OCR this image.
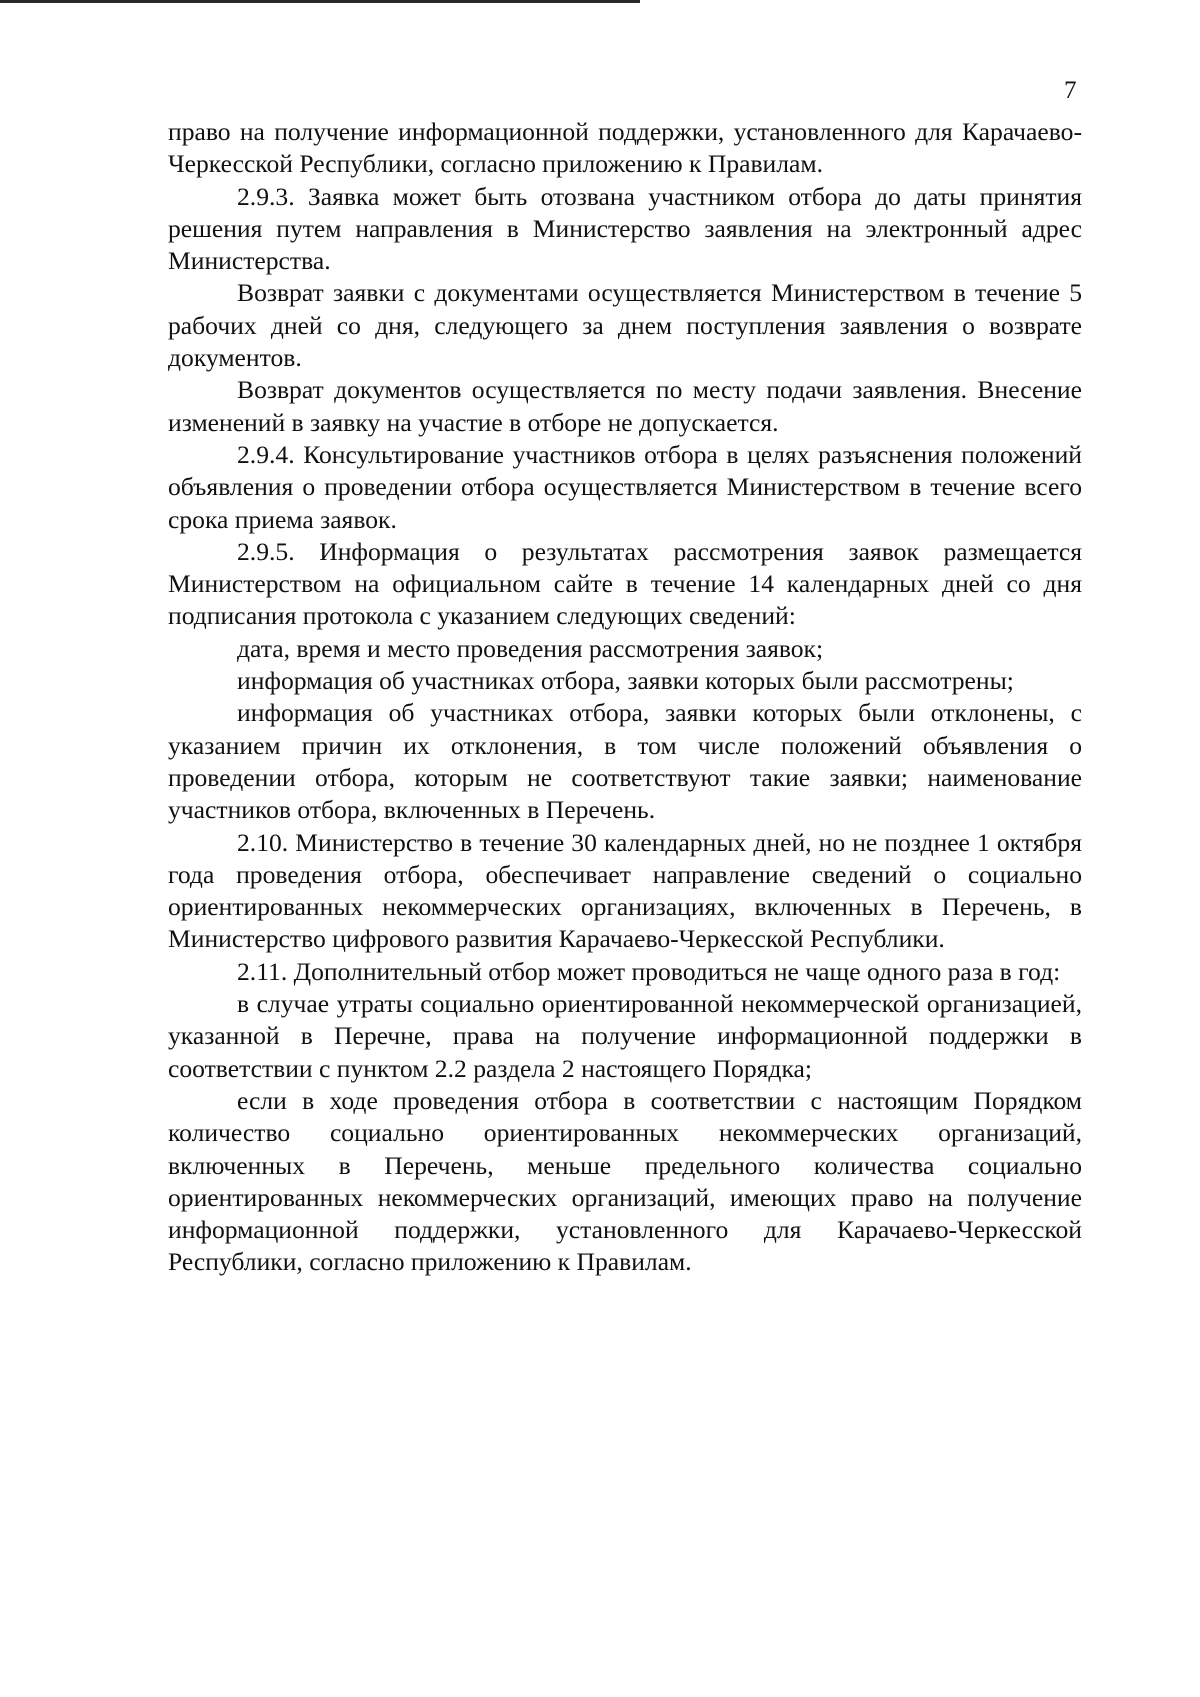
7

право на получение информационной поддержки, установленного для Карачаево-Черкесской Республики, согласно приложению к Правилам.

2.9.3. Заявка может быть отозвана участником отбора до даты принятия решения путем направления в Министерство заявления на электронный адрес Министерства.

Возврат заявки с документами осуществляется Министерством в течение 5 рабочих дней со дня, следующего за днем поступления заявления о возврате документов.

Возврат документов осуществляется по месту подачи заявления. Внесение изменений в заявку на участие в отборе не допускается.

2.9.4. Консультирование участников отбора в целях разъяснения положений объявления о проведении отбора осуществляется Министерством в течение всего срока приема заявок.

2.9.5. Информация о результатах рассмотрения заявок размещается Министерством на официальном сайте в течение 14 календарных дней со дня подписания протокола с указанием следующих сведений:

дата, время и место проведения рассмотрения заявок;

информация об участниках отбора, заявки которых были рассмотрены;

информация об участниках отбора, заявки которых были отклонены, с указанием причин их отклонения, в том числе положений объявления о проведении отбора, которым не соответствуют такие заявки; наименование участников отбора, включенных в Перечень.

2.10. Министерство в течение 30 календарных дней, но не позднее 1 октября года проведения отбора, обеспечивает направление сведений о социально ориентированных некоммерческих организациях, включенных в Перечень, в Министерство цифрового развития Карачаево-Черкесской Республики.

2.11. Дополнительный отбор может проводиться не чаще одного раза в год:

в случае утраты социально ориентированной некоммерческой организацией, указанной в Перечне, права на получение информационной поддержки в соответствии с пунктом 2.2 раздела 2 настоящего Порядка;

если в ходе проведения отбора в соответствии с настоящим Порядком количество социально ориентированных некоммерческих организаций, включенных в Перечень, меньше предельного количества социально ориентированных некоммерческих организаций, имеющих право на получение информационной поддержки, установленного для Карачаево-Черкесской Республики, согласно приложению к Правилам.
